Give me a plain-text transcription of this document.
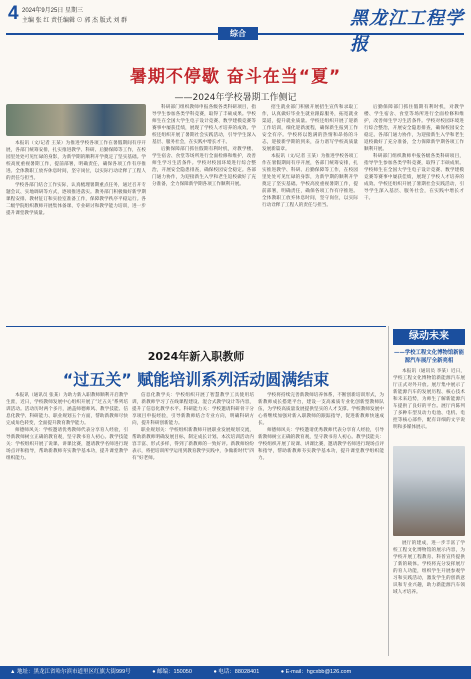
4 2024年9月25日 星期三
主编 张 红 责任编辑 ⊙ 郭 杰 版式 刘 群
综合
黑龙江工程学报
暑期不停歇 奋斗在当“夏”
——2024年学校暑期工作侧记

本报讯（文/记者 王某）为推进学校各项工作在暑假期间有序开展，各部门统筹安排，扎实推进教学、科研、后勤保障等工作，在校园里处处可见忙碌的身影，为新学期的顺利开学奠定了坚实基础。学校高度重视暑期工作，提前部署，明确责任，确保各项工作有序推进。全体教职工放弃休息时间，坚守岗位，以实际行动诠释了工程人的责任与担当。

学校各部门结合工作实际，认真梳理暑期重点任务，通过召开专题会议、实地调研等方式，逐项推进落实。教务部门积极做好新学期课程安排、教材征订和实验室准备工作，保障教学秩序平稳运行。各二级学院组织教师开展集体备课、专业研讨和教学能力培训，进一步提升课堂教学质量。

科研部门组织教师申报各级各类科研项目，指导学生参加各类学科竞赛，取得了丰硕成果。学校师生在全国大学生电子设计竞赛、数学建模竞赛等赛事中屡获佳绩，展现了学校人才培养的成效。学校还组织开展了暑期社会实践活动，引导学生深入基层、服务社会，在实践中增长才干。

后勤保障部门抓住假期有利时机，对教学楼、学生宿舍、食堂等场所进行全面检修和维护，改善师生学习生活条件。学校对校园环境进行综合整治，开展安全隐患排查，确保校园安全稳定。各部门通力协作，为迎接新生入学和老生返校做好了充分准备，全力保障新学期各项工作顺利开展。

招生就业部门积极开展招生宣传和录取工作，认真做好毕业生就业跟踪服务，拓宽就业渠道，提升就业质量。学校还组织开展了迎新工作培训，细化迎新流程，确保新生报到工作安全有序。学校将以饱满的热情和昂扬的斗志，迎接新学期的到来，奋力谱写学校高质量发展新篇章。

本报讯（文/记者 王某）为推进学校各项工作在暑假期间有序开展，各部门统筹安排，扎实推进教学、科研、后勤保障等工作，在校园里处处可见忙碌的身影，为新学期的顺利开学奠定了坚实基础。学校高度重视暑期工作，提前部署，明确责任，确保各项工作有序推进。全体教职工放弃休息时间，坚守岗位，以实际行动诠释了工程人的责任与担当。

后勤保障部门抓住假期有利时机，对教学楼、学生宿舍、食堂等场所进行全面检修和维护，改善师生学习生活条件。学校对校园环境进行综合整治，开展安全隐患排查，确保校园安全稳定。各部门通力协作，为迎接新生入学和老生返校做好了充分准备，全力保障新学期各项工作顺利开展。

科研部门组织教师申报各级各类科研项目，指导学生参加各类学科竞赛，取得了丰硕成果。学校师生在全国大学生电子设计竞赛、数学建模竞赛等赛事中屡获佳绩，展现了学校人才培养的成效。学校还组织开展了暑期社会实践活动，引导学生深入基层、服务社会，在实践中增长才干。

2024年新入职教师
“过五关” 赋能培训系列活动圆满结束

本报讯（通讯员 张某）为助力新入职教师顺利开启教学生涯，近日，学校教师发展中心组织开展了“过五关”系列培训活动。活动历时两个多月，涵盖师德师风、教学技能、信息化教学、科研能力、职业规划五个方面，帮助新教师尽快完成角色转变，全面提升教育教学能力。

师德师风关：学校邀请优秀教师代表分享育人经验，引导新教师树立正确的教育观，坚守教书育人初心。教学技能关：学校组织开展了说课、讲课比赛，邀请教学名师进行现场点评和指导，帮助新教师夯实教学基本功，提升课堂教学组织能力。

信息化教学关：学校组织开展了智慧教学工具使用培训，新教师学习了在线课程建设、混合式教学设计等内容，提升了信息化教学水平。科研能力关：学校邀请科研骨干分享项目申报经验，引导新教师结合专业方向，明确科研方向，提升科研创新能力。

职业规划关：学校组织新教师开展职业发展规划交流，帮助新教师明确发展目标，制定成长计划。本次培训活动内容丰富、形式多样，得到了新教师的一致好评。新教师纷纷表示，将把培训所学运用到教育教学实践中，争做新时代“四有”好老师。

学校将持续完善新教师培养体系，不断创新培训形式，为新教师成长搭建平台，建设一支高素质专业化创新型教师队伍，为学校高质量发展提供坚实的人才支撑。学校教师发展中心将继续加强对新入职教师的跟踪指导，促进新教师快速成长。

师德师风关：学校邀请优秀教师代表分享育人经验，引导新教师树立正确的教育观，坚守教书育人初心。教学技能关：学校组织开展了说课、讲课比赛，邀请教学名师进行现场点评和指导，帮助新教师夯实教学基本功，提升课堂教学组织能力。

绿动未来
——学校工程文化博物馆新能源汽车展厅全新亮相

本报讯（通讯员 李某）近日，学校工程文化博物馆新能源汽车展厅正式对外开放。展厅集中展示了新能源汽车的发展历程、核心技术和未来趋势，为师生了解新能源汽车提供了良好的平台。展厅内陈列了多种车型及动力电池、电机、电控等核心部件，配有详细的文字说明和多媒体展示。

展厅的建成，进一步丰富了学校工程文化博物馆的展示内容，为学校开展工程教育、科普宣传提供了新的载体。学校将充分发挥展厅的育人功能，组织学生开展参观学习和实践活动，激发学生的创新意识和专业兴趣，助力新能源汽车领域人才培养。

▲ 地址：黑龙江省哈尔滨市道里区红旗大街999号	● 邮编：150050	● 电话：88028401	● E-mail：hgcxbb@126.com
